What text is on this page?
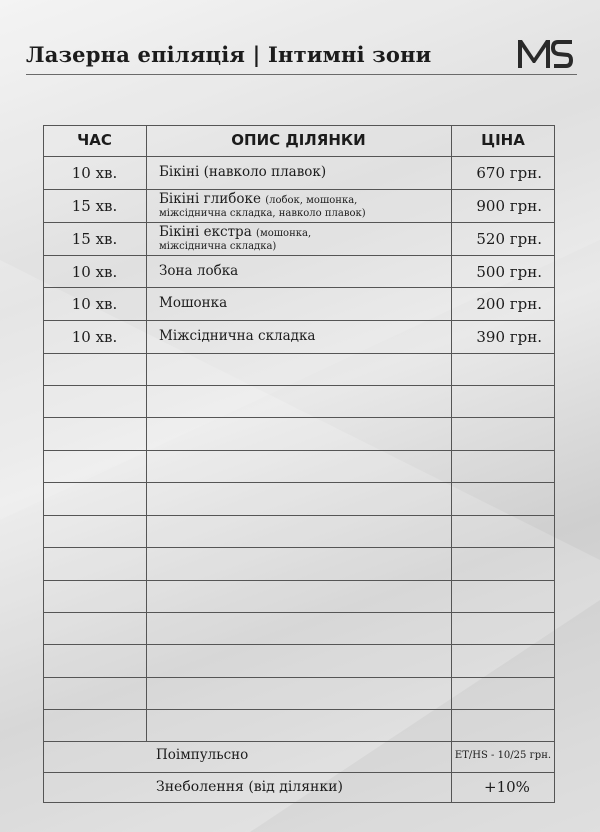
Лазерна епіляція | Інтимні зони
ЧАС	ОПИС ДІЛЯНКИ	ЦІНА
10 хв.	Бікіні (навколо плавок)	670 грн.
15 хв.	Бікіні глибоке (лобок, мошонка,
міжсіднична складка, навколо плавок)	900 грн.
15 хв.	Бікіні екстра (мошонка,
міжсіднична складка)	520 грн.
10 хв.	Зона лобка	500 грн.
10 хв.	Мошонка	200 грн.
10 хв.	Міжсіднична складка	390 грн.
Поімпульсно	ET/HS - 10/25 грн.
Знеболення (від ділянки)	+10%
